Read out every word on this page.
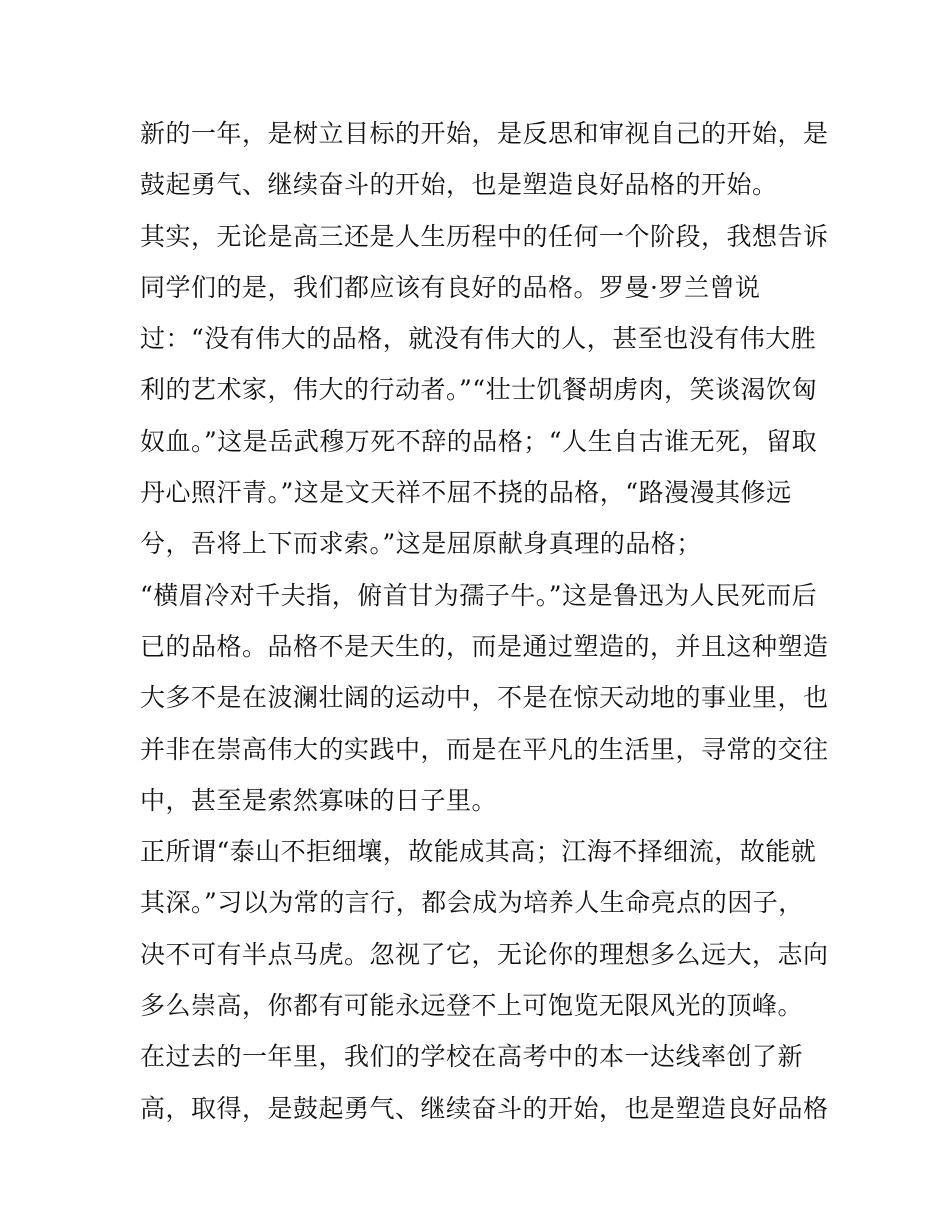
新的一年，是树立目标的开始，是反思和审视自己的开始，是
鼓起勇气、继续奋斗的开始，也是塑造良好品格的开始。
其实，无论是高三还是人生历程中的任何一个阶段，我想告诉
同学们的是，我们都应该有良好的品格。罗曼·罗兰曾说
过：“没有伟大的品格，就没有伟大的人，甚至也没有伟大胜
利的艺术家，伟大的行动者。”“壮士饥餐胡虏肉，笑谈渴饮匈
奴血。”这是岳武穆万死不辞的品格；“人生自古谁无死，留取
丹心照汗青。”这是文天祥不屈不挠的品格，“路漫漫其修远
兮，吾将上下而求索。”这是屈原献身真理的品格；
“横眉冷对千夫指，俯首甘为孺子牛。”这是鲁迅为人民死而后
已的品格。品格不是天生的，而是通过塑造的，并且这种塑造
大多不是在波澜壮阔的运动中，不是在惊天动地的事业里，也
并非在崇高伟大的实践中，而是在平凡的生活里，寻常的交往
中，甚至是索然寡味的日子里。
正所谓“泰山不拒细壤，故能成其高；江海不择细流，故能就
其深。”习以为常的言行，都会成为培养人生命亮点的因子，
决不可有半点马虎。忽视了它，无论你的理想多么远大，志向
多么崇高，你都有可能永远登不上可饱览无限风光的顶峰。
在过去的一年里，我们的学校在高考中的本一达线率创了新
高，取得，是鼓起勇气、继续奋斗的开始，也是塑造良好品格
